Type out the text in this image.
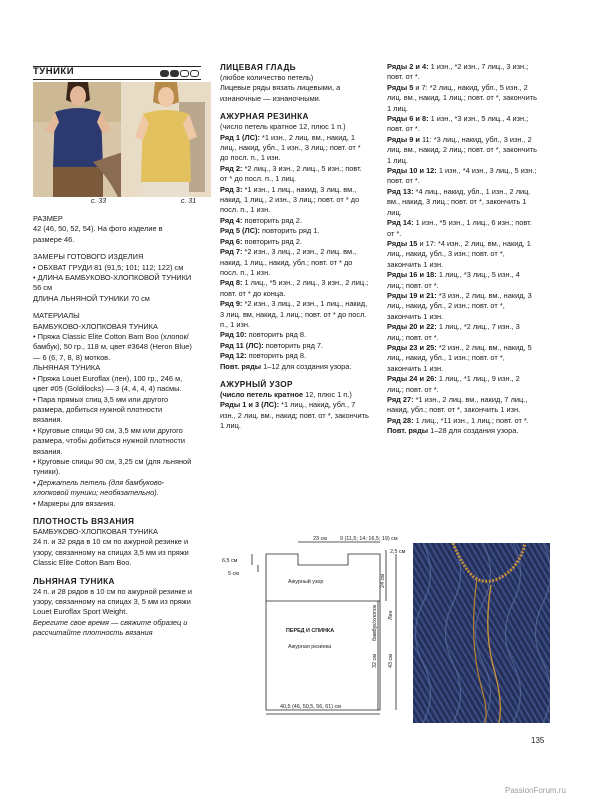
ТУНИКИ
с. 33	с. 31

РАЗМЕР

42 (46, 50, 52, 54). На фото изделие в размере 46.

ЗАМЕРЫ ГОТОВОГО ИЗДЕЛИЯ

• ОБХВАТ ГРУДИ 81 (91,5; 101; 112; 122) см

• ДЛИНА БАМБУКОВО-ХЛОПКОВОЙ ТУНИКИ 56 см

ДЛИНА ЛЬНЯНОЙ ТУНИКИ 70 см

МАТЕРИАЛЫ

БАМБУКОВО-ХЛОПКОВАЯ ТУНИКА

• Пряжа Classic Elite Cotton Bam Boo (хлопок/бамбук), 50 гр., 118 м, цвет #3648 (Heron Blue) — 6 (6, 7, 8, 8) мотков.

ЛЬНЯНАЯ ТУНИКА

• Пряжа Louet Euroflax (лен), 100 гр., 246 м, цвет #05 (Goldilocks) — 3 (4, 4, 4, 4) пасмы.

• Пара прямых спиц 3,5 мм или другого размера, добиться нужной плотности вязания.

• Круговые спицы 90 см, 3,5 мм или другого размера, чтобы добиться нужной плотности вязания.

• Круговые спицы 90 см, 3,25 см (для льняной туники).

• Держатель петель (для бамбуково-хлопковой туники; необязательно).

• Маркеры для вязания.

ПЛОТНОСТЬ ВЯЗАНИЯ

БАМБУКОВО-ХЛОПКОВАЯ ТУНИКА

24 п. и 32 ряда в 10 см по ажурной резинке и узору, связанному на спицах 3,5 мм из пряжи Classic Elite Cotton Bam Boo.

ЛЬНЯНАЯ ТУНИКА

24 п. и 28 рядов в 10 см по ажурной резинке и узору, связанному на спицах 3, 5 мм из пряжи Louet Euroflax Sport Weight.

Берегите свое время — свяжите образец и рассчитайте плотность вязания

ЛИЦЕВАЯ ГЛАДЬ

(любое количество петель)

Лицевые ряды вязать лицевыми, а изнаночные — изнаночными.

АЖУРНАЯ РЕЗИНКА

(число петель кратное 12, плюс 1 п.)

Ряд 1 (ЛС): *1 изн., 2 лиц. вм., накид, 1 лиц., накид, убл., 1 изн., 3 лиц.; повт. от * до посл. п., 1 изн.

Ряд 2: *2 лиц., 3 изн., 2 лиц., 5 изн.; повт. от * до посл. п., 1 лиц.

Ряд 3: *1 изн., 1 лиц., накид, 3 лиц. вм., накид, 1 лиц., 2 изн., 3 лиц.; повт. от * до посл. п., 1 изн.

Ряд 4: повторить ряд 2.

Ряд 5 (ЛС): повторить ряд 1.

Ряд 6: повторить ряд 2.

Ряд 7: *2 изн., 3 лиц., 2 изн., 2 лиц. вм., накид, 1 лиц., накид, убл.; повт. от * до посл. п., 1 изн.

Ряд 8: 1 лиц., *5 изн., 2 лиц., 3 изн., 2 лиц.; повт. от * до конца.

Ряд 9: *2 изн., 3 лиц., 2 изн., 1 лиц., накид, 3 лиц. вм, накид, 1 лиц.; повт. от * до посл. п., 1 изн.

Ряд 10: повторить ряд 8.

Ряд 11 (ЛС): повторить ряд 7.

Ряд 12: повторить ряд 8.

Повт. ряды 1–12 для создания узора.

АЖУРНЫЙ УЗОР

(число петель кратное 12, плюс 1 п.)

Ряды 1 и 3 (ЛС): *1 лиц., накид, убл., 7 изн., 2 лиц. вм., накид; повт. от *, закончить 1 лиц.

Ряды 2 и 4: 1 изн., *2 изн., 7 лиц., 3 изн.; повт. от *.

Ряды 5 и 7: *2 лиц., накид, убл., 5 изн., 2 лиц. вм., накид, 1 лиц.; повт. от *, закончить 1 лиц.

Ряды 6 и 8: 1 изн., *3 изн., 5 лиц., 4 изн.; повт. от *.

Ряды 9 и 11: *3 лиц., накид, убл., 3 изн., 2 лиц. вм., накид, 2 лиц.; повт. от *, закончить 1 лиц.

Ряды 10 и 12: 1 изн., *4 изн., 3 лиц., 5 изн.; повт. от *.

Ряд 13: *4 лиц., накид, убл., 1 изн., 2 лиц. вм., накид, 3 лиц.; повт. от *, закончить 1 лиц.

Ряд 14: 1 изн., *5 изн., 1 лиц., 6 изн.; повт. от *.

Ряды 15 и 17: *4 изн., 2 лиц. вм., накид, 1 лиц., накид, убл., 3 изн.; повт. от *, закончить 1 изн.

Ряды 16 и 18: 1 лиц., *3 лиц., 5 изн., 4 лиц.; повт. от *.

Ряды 19 и 21: *3 изн., 2 лиц. вм., накид, 3 лиц., накид, убл., 2 изн.; повт. от *, закончить 1 изн.

Ряды 20 и 22: 1 лиц., *2 лиц., 7 изн., 3 лиц.; повт. от *.

Ряды 23 и 25: *2 изн., 2 лиц. вм., накид, 5 лиц., накид, убл., 1 изн.; повт. от *, закончить 1 изн.

Ряды 24 и 26: 1 лиц., *1 лиц., 9 изн., 2 лиц.; повт. от *.

Ряд 27: *1 изн., 2 лиц. вм., накид, 7 лиц., накид, убл.; повт. от *, закончить 1 изн.

Ряд 28: 1 лиц., *11 изн., 1 лиц.; повт. от *.

Повт. ряды 1–28 для создания узора.

23 см 9 (11,5; 14; 16,5; 19) см
6,5 см
5 см
2,5 см
Ажурный узор
ПЕРЕД И СПИНКА
Ажурная резинка
бамбук/хлопок
24 см
Лен
32 см 43 см
40,5 (46, 50,5, 56, 61) см
135
PassionForum.ru
